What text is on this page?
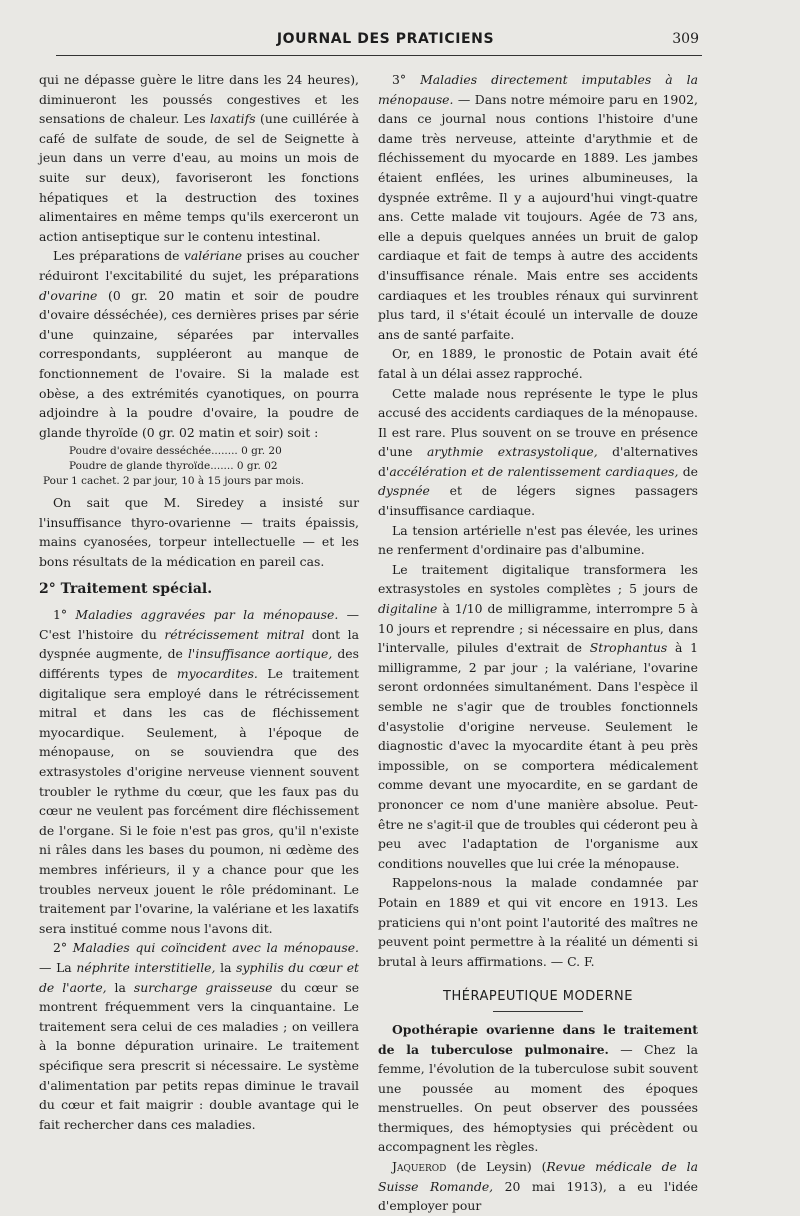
JOURNAL DES PRATICIENS	309

qui ne dépasse guère le litre dans les 24 heures), diminueront les poussés congestives et les sensations de chaleur. Les laxatifs (une cuillérée à café de sulfate de soude, de sel de Seignette à jeun dans un verre d'eau, au moins un mois de suite sur deux), favoriseront les fonctions hépatiques et la destruction des toxines alimentaires en même temps qu'ils exerceront un action antiseptique sur le contenu intestinal.

Les préparations de valériane prises au coucher réduiront l'excitabilité du sujet, les préparations d'ovarine (0 gr. 20 matin et soir de poudre d'ovaire désséchée), ces dernières prises par série d'une quinzaine, séparées par intervalles correspondants, suppléeront au manque de fonctionnement de l'ovaire. Si la malade est obèse, a des extrémités cyanotiques, on pourra adjoindre à la poudre d'ovaire, la poudre de glande thyroïde (0 gr. 02 matin et soir) soit :

Poudre d'ovaire desséchée........ 0 gr. 20
Poudre de glande thyroïde....... 0 gr. 02
Pour 1 cachet. 2 par jour, 10 à 15 jours par mois.

On sait que M. Siredey a insisté sur l'insuffisance thyro-ovarienne — traits épaissis, mains cyanosées, torpeur intellectuelle — et les bons résultats de la médication en pareil cas.

2° Traitement spécial.

1° Maladies aggravées par la ménopause. — C'est l'histoire du rétrécissement mitral dont la dyspnée augmente, de l'insuffisance aortique, des différents types de myocardites. Le traitement digitalique sera employé dans le rétrécissement mitral et dans les cas de fléchissement myocardique. Seulement, à l'époque de ménopause, on se souviendra que des extrasystoles d'origine nerveuse viennent souvent troubler le rythme du cœur, que les faux pas du cœur ne veulent pas forcément dire fléchissement de l'organe. Si le foie n'est pas gros, qu'il n'existe ni râles dans les bases du poumon, ni œdème des membres inférieurs, il y a chance pour que les troubles nerveux jouent le rôle prédominant. Le traitement par l'ovarine, la valériane et les laxatifs sera institué comme nous l'avons dit.

2° Maladies qui coïncident avec la ménopause. — La néphrite interstitielle, la syphilis du cœur et de l'aorte, la surcharge graisseuse du cœur se montrent fréquemment vers la cinquantaine. Le traitement sera celui de ces maladies ; on veillera à la bonne dépuration urinaire. Le traitement spécifique sera prescrit si nécessaire. Le système d'alimentation par petits repas diminue le travail du cœur et fait maigrir : double avantage qui le fait rechercher dans ces maladies.

3° Maladies directement imputables à la ménopause. — Dans notre mémoire paru en 1902, dans ce journal nous contions l'histoire d'une dame très nerveuse, atteinte d'arythmie et de fléchissement du myocarde en 1889. Les jambes étaient enflées, les urines albumineuses, la dyspnée extrême. Il y a aujourd'hui vingt-quatre ans. Cette malade vit toujours. Agée de 73 ans, elle a depuis quelques années un bruit de galop cardiaque et fait de temps à autre des accidents d'insuffisance rénale. Mais entre ses accidents cardiaques et les troubles rénaux qui survinrent plus tard, il s'était écoulé un intervalle de douze ans de santé parfaite.

Or, en 1889, le pronostic de Potain avait été fatal à un délai assez rapproché.

Cette malade nous représente le type le plus accusé des accidents cardiaques de la ménopause. Il est rare. Plus souvent on se trouve en présence d'une arythmie extrasystolique, d'alternatives d'accélération et de ralentissement cardiaques, de dyspnée et de légers signes passagers d'insuffisance cardiaque.

La tension artérielle n'est pas élevée, les urines ne renferment d'ordinaire pas d'albumine.

Le traitement digitalique transformera les extrasystoles en systoles complètes ; 5 jours de digitaline à 1/10 de milligramme, interrompre 5 à 10 jours et reprendre ; si nécessaire en plus, dans l'intervalle, pilules d'extrait de Strophantus à 1 milligramme, 2 par jour ; la valériane, l'ovarine seront ordonnées simultanément. Dans l'espèce il semble ne s'agir que de troubles fonctionnels d'asystolie d'origine nerveuse. Seulement le diagnostic d'avec la myocardite étant à peu près impossible, on se comportera médicalement comme devant une myocardite, en se gardant de prononcer ce nom d'une manière absolue. Peut-être ne s'agit-il que de troubles qui céderont peu à peu avec l'adaptation de l'organisme aux conditions nouvelles que lui crée la ménopause.

Rappelons-nous la malade condamnée par Potain en 1889 et qui vit encore en 1913. Les praticiens qui n'ont point l'autorité des maîtres ne peuvent point permettre à la réalité un démenti si brutal à leurs affirmations. — C. F.

THÉRAPEUTIQUE MODERNE

Opothérapie ovarienne dans le traitement de la tuberculose pulmonaire. — Chez la femme, l'évolution de la tuberculose subit souvent une poussée au moment des époques menstruelles. On peut observer des poussées thermiques, des hémoptysies qui précèdent ou accompagnent les règles.

Jaquerod (de Leysin) (Revue médicale de la Suisse Romande, 20 mai 1913), a eu l'idée d'employer pour
